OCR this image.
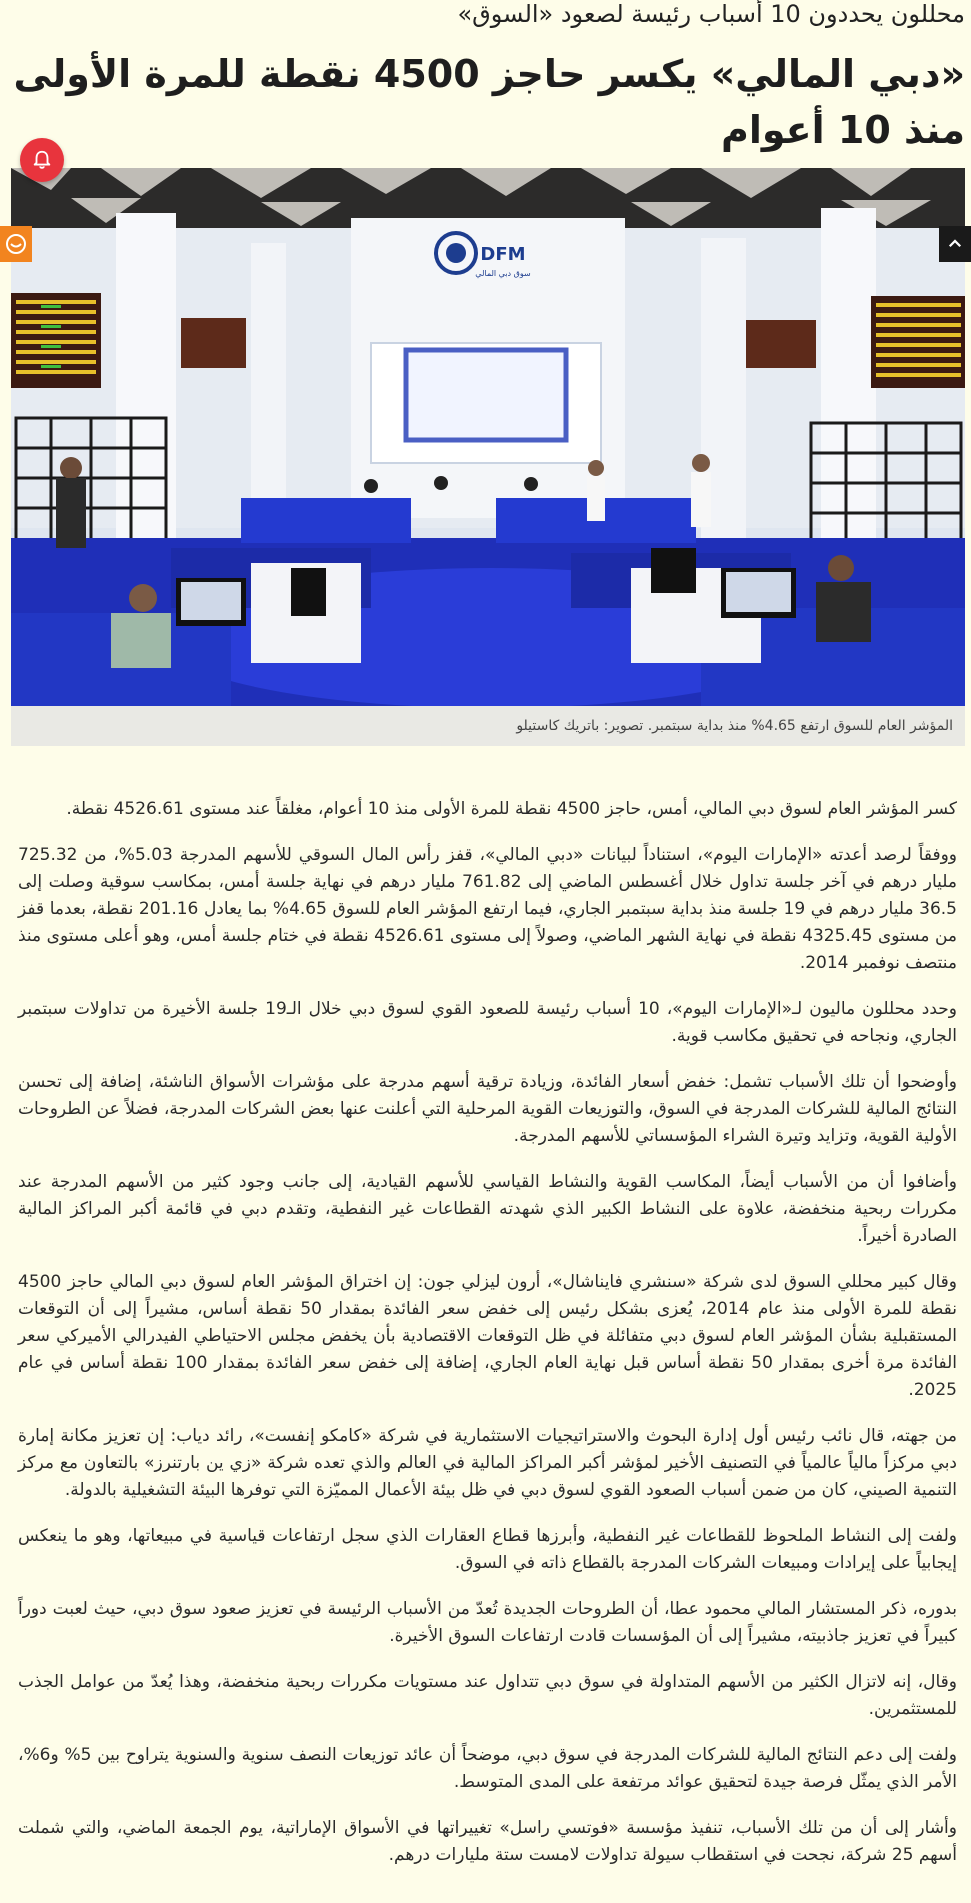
محللون يحددون 10 أسباب رئيسة لصعود «السوق»
«دبي المالي» يكسر حاجز 4500 نقطة للمرة الأولى منذ 10 أعوام
DFM
سوق دبي المالي
المؤشر العام للسوق ارتفع 4.65% منذ بداية سبتمبر. تصوير: باتريك كاستيلو

كسر المؤشر العام لسوق دبي المالي، أمس، حاجز 4500 نقطة للمرة الأولى منذ 10 أعوام، مغلقاً عند مستوى 4526.61 نقطة.

ووفقاً لرصد أعدته «الإمارات اليوم»، استناداً لبيانات «دبي المالي»، قفز رأس المال السوقي للأسهم المدرجة 5.03%، من 725.32 مليار درهم في آخر جلسة تداول خلال أغسطس الماضي إلى 761.82 مليار درهم في نهاية جلسة أمس، بمكاسب سوقية وصلت إلى 36.5 مليار درهم في 19 جلسة منذ بداية سبتمبر الجاري، فيما ارتفع المؤشر العام للسوق 4.65% بما يعادل 201.16 نقطة، بعدما قفز من مستوى 4325.45 نقطة في نهاية الشهر الماضي، وصولاً إلى مستوى 4526.61 نقطة في ختام جلسة أمس، وهو أعلى مستوى منذ منتصف نوفمبر 2014.

وحدد محللون ماليون لـ«الإمارات اليوم»، 10 أسباب رئيسة للصعود القوي لسوق دبي خلال الـ19 جلسة الأخيرة من تداولات سبتمبر الجاري، ونجاحه في تحقيق مكاسب قوية.

وأوضحوا أن تلك الأسباب تشمل: خفض أسعار الفائدة، وزيادة ترقية أسهم مدرجة على مؤشرات الأسواق الناشئة، إضافة إلى تحسن النتائج المالية للشركات المدرجة في السوق، والتوزيعات القوية المرحلية التي أعلنت عنها بعض الشركات المدرجة، فضلاً عن الطروحات الأولية القوية، وتزايد وتيرة الشراء المؤسساتي للأسهم المدرجة.

وأضافوا أن من الأسباب أيضاً، المكاسب القوية والنشاط القياسي للأسهم القيادية، إلى جانب وجود كثير من الأسهم المدرجة عند مكررات ربحية منخفضة، علاوة على النشاط الكبير الذي شهدته القطاعات غير النفطية، وتقدم دبي في قائمة أكبر المراكز المالية الصادرة أخيراً.

وقال كبير محللي السوق لدى شركة «سنشري فايناشال»، أرون ليزلي جون: إن اختراق المؤشر العام لسوق دبي المالي حاجز 4500 نقطة للمرة الأولى منذ عام 2014، يُعزى بشكل رئيس إلى خفض سعر الفائدة بمقدار 50 نقطة أساس، مشيراً إلى أن التوقعات المستقبلية بشأن المؤشر العام لسوق دبي متفائلة في ظل التوقعات الاقتصادية بأن يخفض مجلس الاحتياطي الفيدرالي الأميركي سعر الفائدة مرة أخرى بمقدار 50 نقطة أساس قبل نهاية العام الجاري، إضافة إلى خفض سعر الفائدة بمقدار 100 نقطة أساس في عام 2025.

من جهته، قال نائب رئيس أول إدارة البحوث والاستراتيجيات الاستثمارية في شركة «كامكو إنفست»، رائد دياب: إن تعزيز مكانة إمارة دبي مركزاً مالياً عالمياً في التصنيف الأخير لمؤشر أكبر المراكز المالية في العالم والذي تعده شركة «زي ين بارتنرز» بالتعاون مع مركز التنمية الصيني، كان من ضمن أسباب الصعود القوي لسوق دبي في ظل بيئة الأعمال المميّزة التي توفرها البيئة التشغيلية بالدولة.

ولفت إلى النشاط الملحوظ للقطاعات غير النفطية، وأبرزها قطاع العقارات الذي سجل ارتفاعات قياسية في مبيعاتها، وهو ما ينعكس إيجابياً على إيرادات ومبيعات الشركات المدرجة بالقطاع ذاته في السوق.

بدوره، ذكر المستشار المالي محمود عطا، أن الطروحات الجديدة تُعدّ من الأسباب الرئيسة في تعزيز صعود سوق دبي، حيث لعبت دوراً كبيراً في تعزيز جاذبيته، مشيراً إلى أن المؤسسات قادت ارتفاعات السوق الأخيرة.

وقال، إنه لاتزال الكثير من الأسهم المتداولة في سوق دبي تتداول عند مستويات مكررات ربحية منخفضة، وهذا يُعدّ من عوامل الجذب للمستثمرين.

ولفت إلى دعم النتائج المالية للشركات المدرجة في سوق دبي، موضحاً أن عائد توزيعات النصف سنوية والسنوية يتراوح بين 5% و6%، الأمر الذي يمثّل فرصة جيدة لتحقيق عوائد مرتفعة على المدى المتوسط.

وأشار إلى أن من تلك الأسباب، تنفيذ مؤسسة «فوتسي راسل» تغييراتها في الأسواق الإماراتية، يوم الجمعة الماضي، والتي شملت أسهم 25 شركة، نجحت في استقطاب سيولة تداولات لامست ستة مليارات درهم.
